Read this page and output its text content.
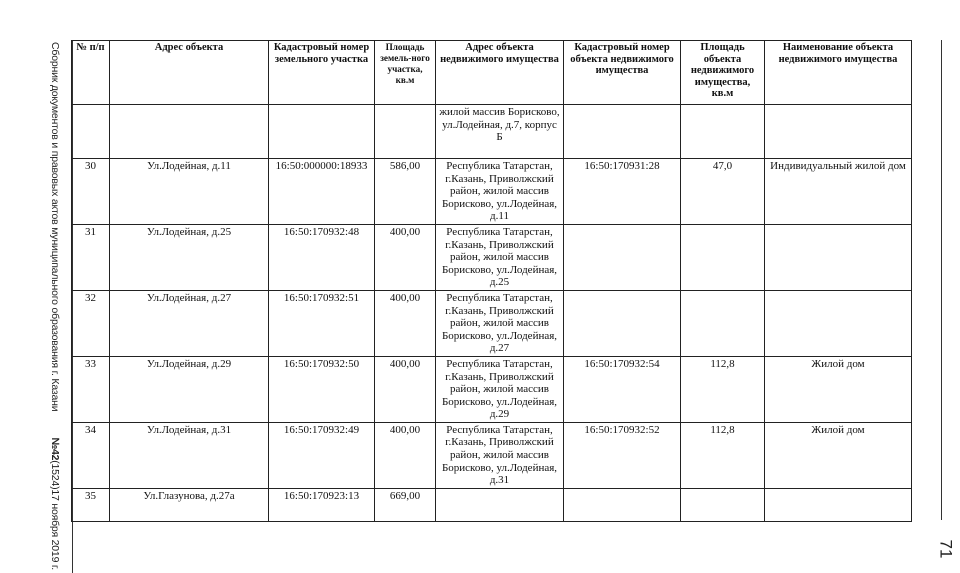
Сборник документов и правовых актов муниципального образования г. Казани
№42(1524)17 ноября 2019 г.
№ п/п	Адрес объекта	Кадастровый номер земельного участка	Площадь земель-ного участка, кв.м	Адрес объекта недвижимого имущества	Кадастровый номер объекта недвижимого имущества	Площадь объекта недвижимого имущества, кв.м	Наименование объекта недвижимого имущества
				жилой массив Борисково, ул.Лодейная, д.7, корпус Б			
30	Ул.Лодейная, д.11	16:50:000000:18933	586,00	Республика Татарстан, г.Казань, Приволжский район, жилой массив Борисково, ул.Лодейная, д.11	16:50:170931:28	47,0	Индивидуальный жилой дом
31	Ул.Лодейная, д.25	16:50:170932:48	400,00	Республика Татарстан, г.Казань, Приволжский район, жилой массив Борисково, ул.Лодейная, д.25			
32	Ул.Лодейная, д.27	16:50:170932:51	400,00	Республика Татарстан, г.Казань, Приволжский район, жилой массив Борисково, ул.Лодейная, д.27			
33	Ул.Лодейная, д.29	16:50:170932:50	400,00	Республика Татарстан, г.Казань, Приволжский район, жилой массив Борисково, ул.Лодейная, д.29	16:50:170932:54	112,8	Жилой дом
34	Ул.Лодейная, д.31	16:50:170932:49	400,00	Республика Татарстан, г.Казань, Приволжский район, жилой массив Борисково, ул.Лодейная, д.31	16:50:170932:52	112,8	Жилой дом
35	Ул.Глазунова, д.27а	16:50:170923:13	669,00				
71
